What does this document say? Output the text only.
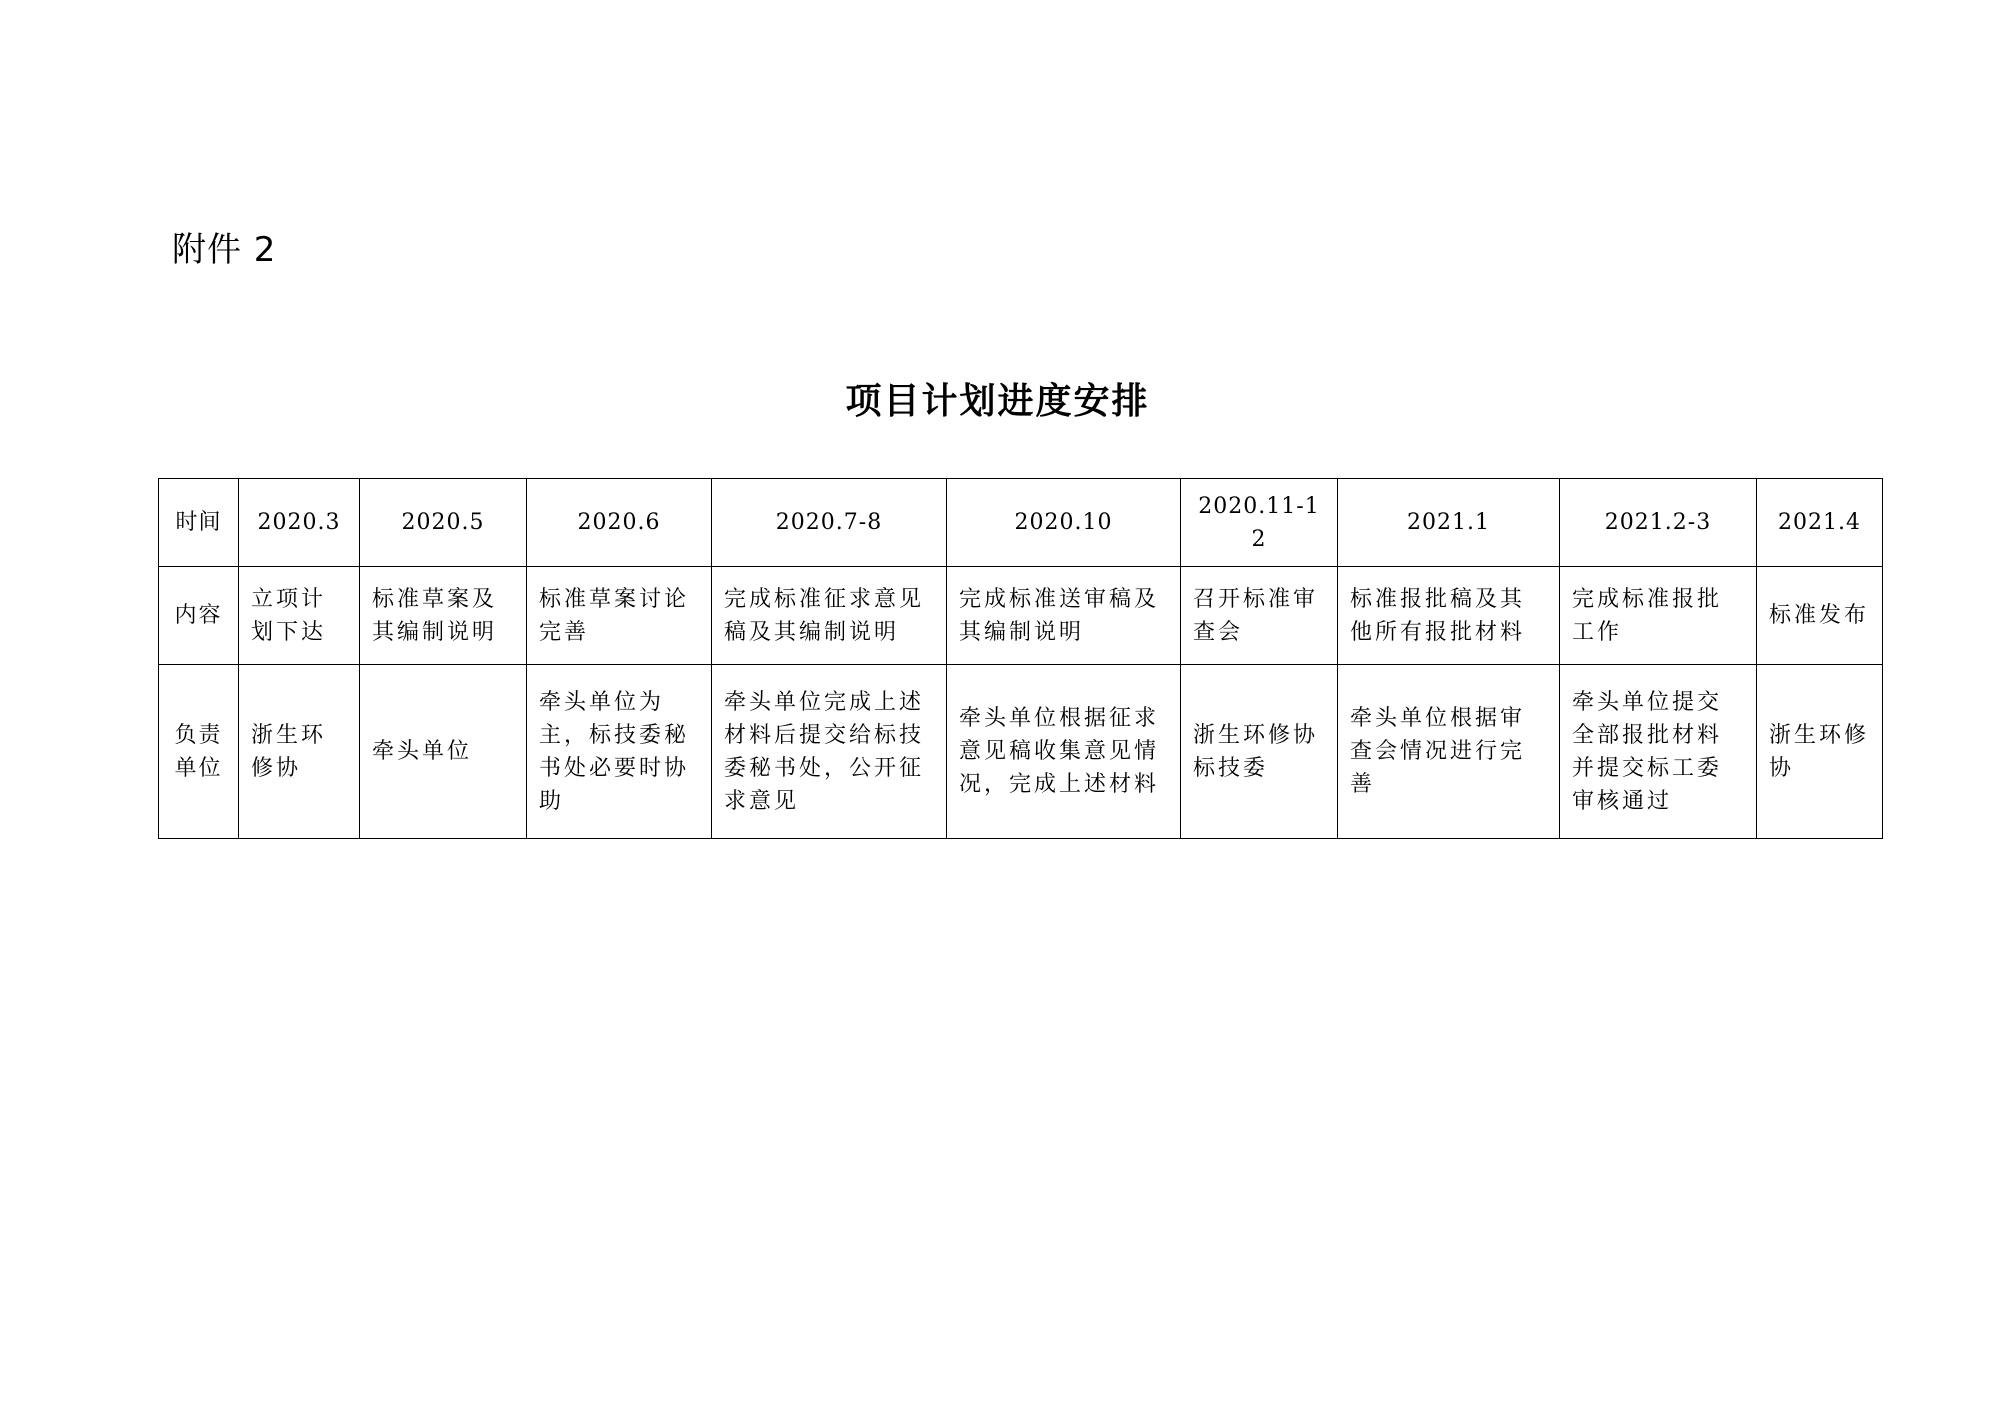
附件 2
项目计划进度安排
时间	2020.3	2020.5	2020.6	2020.7-8	2020.10	2020.11-12	2021.1	2021.2-3	2021.4
内容	立项计划下达	标准草案及其编制说明	标准草案讨论完善	完成标准征求意见稿及其编制说明	完成标准送审稿及其编制说明	召开标准审查会	标准报批稿及其他所有报批材料	完成标准报批工作	标准发布
负责
单位	浙生环修协	牵头单位	牵头单位为主，标技委秘书处必要时协助	牵头单位完成上述材料后提交给标技委秘书处，公开征求意见	牵头单位根据征求意见稿收集意见情况，完成上述材料	浙生环修协标技委	牵头单位根据审查会情况进行完善	牵头单位提交全部报批材料并提交标工委审核通过	浙生环修协
